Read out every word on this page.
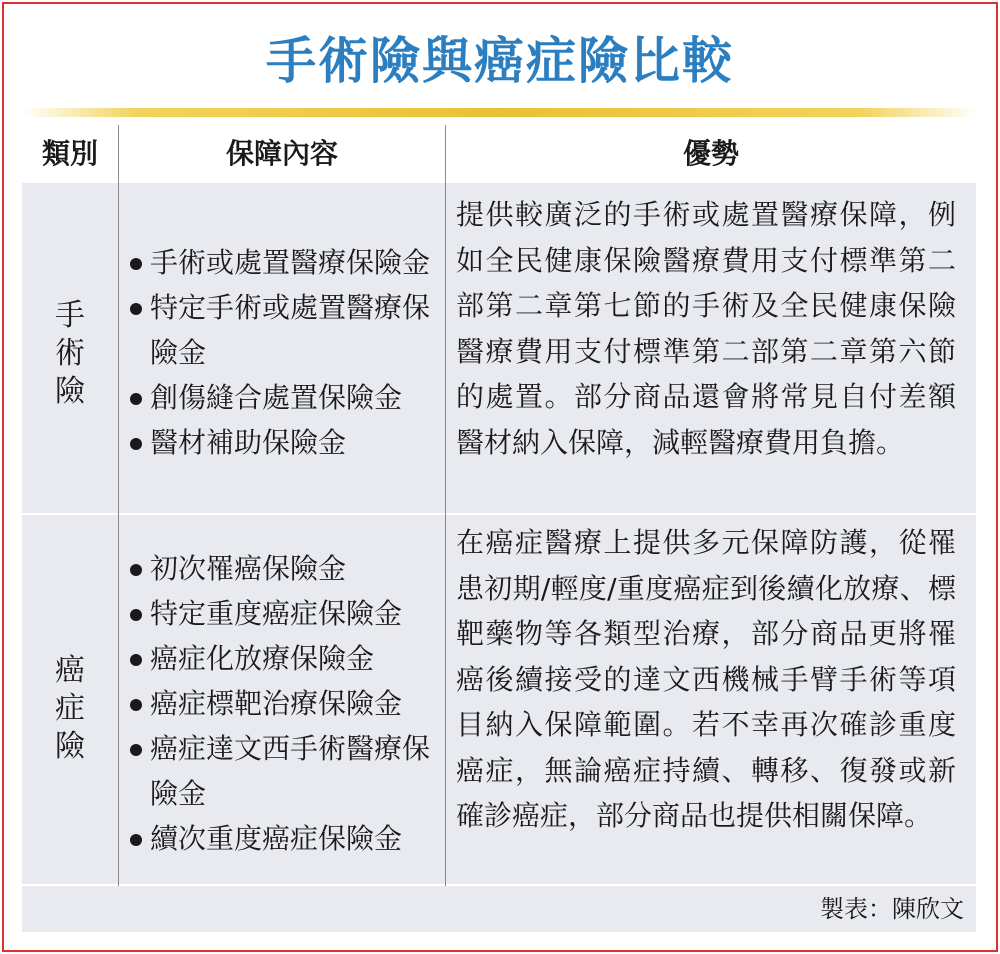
手術險與癌症險比較
類別	保障內容	優勢
手術險
手術或處置醫療保險金
特定手術或處置醫療保險金
創傷縫合處置保險金
醫材補助保險金
提供較廣泛的手術或處置醫療保障，例如全民健康保險醫療費用支付標準第二部第二章第七節的手術及全民健康保險醫療費用支付標準第二部第二章第六節的處置。部分商品還會將常見自付差額醫材納入保障，減輕醫療費用負擔。
癌症險
初次罹癌保險金
特定重度癌症保險金
癌症化放療保險金
癌症標靶治療保險金
癌症達文西手術醫療保險金
續次重度癌症保險金
在癌症醫療上提供多元保障防護，從罹患初期/輕度/重度癌症到後續化放療、標靶藥物等各類型治療，部分商品更將罹癌後續接受的達文西機械手臂手術等項目納入保障範圍。若不幸再次確診重度癌症，無論癌症持續、轉移、復發或新確診癌症，部分商品也提供相關保障。
製表：陳欣文
